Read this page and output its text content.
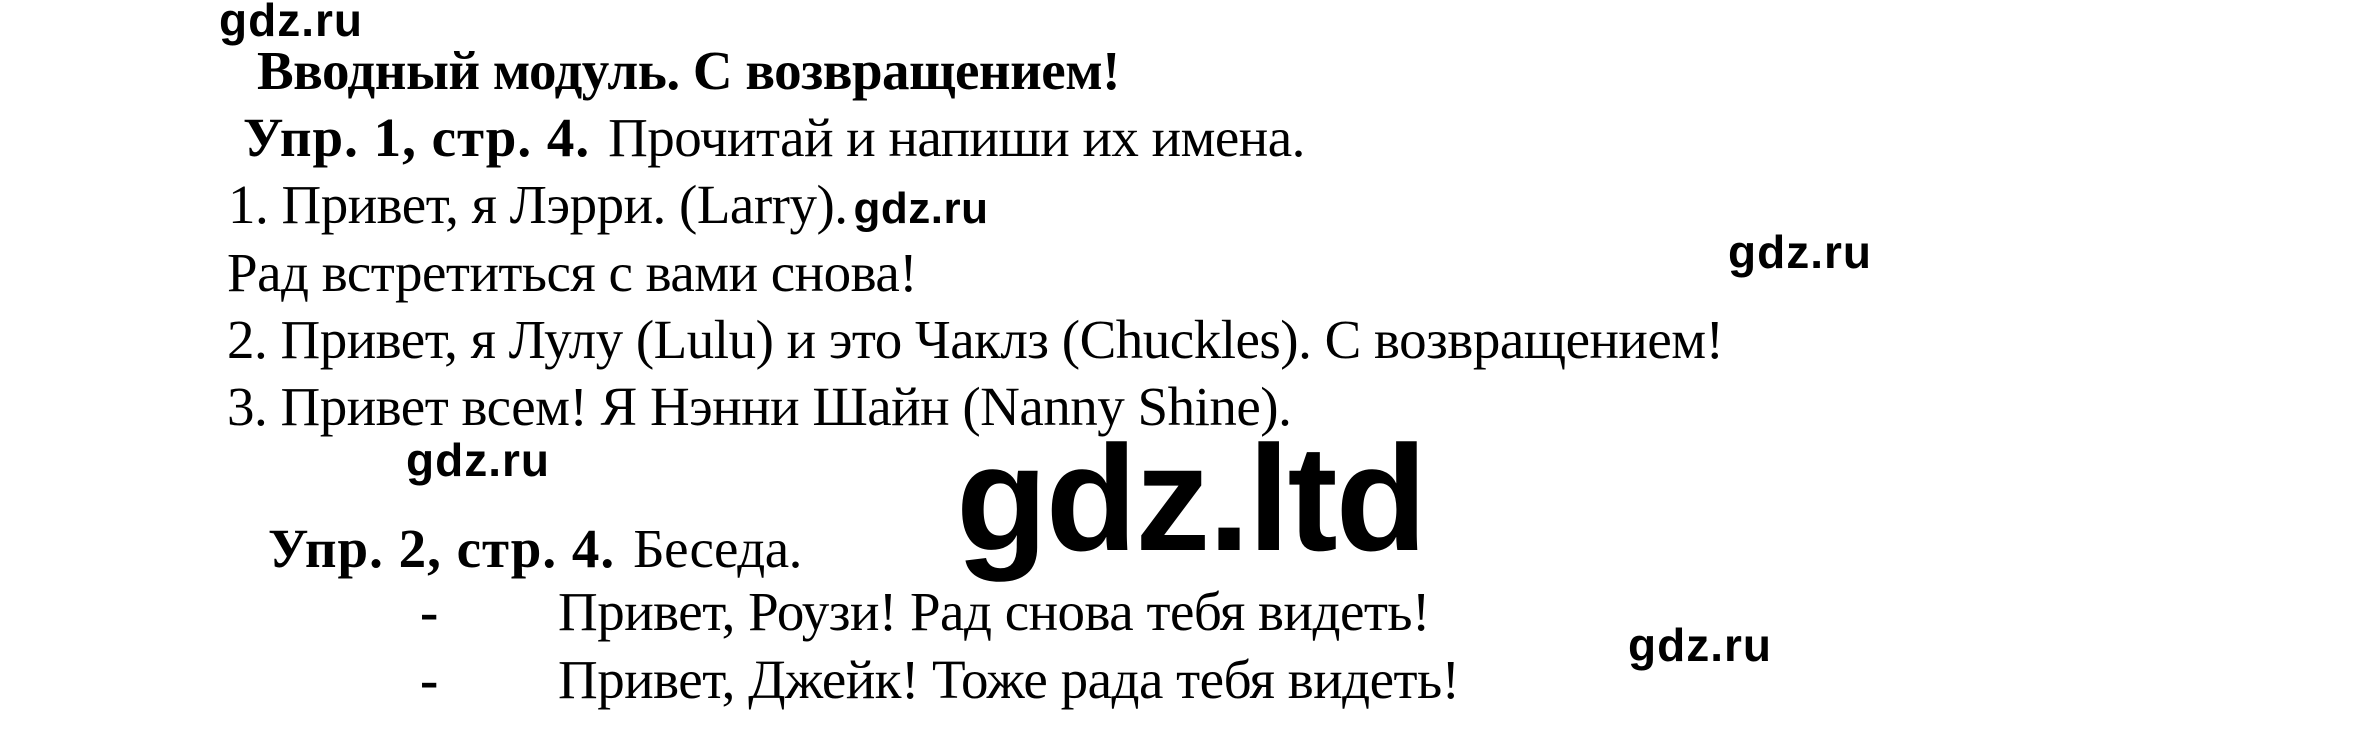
gdz.ru
Вводный модуль. С возвращением!
Упр. 1, стр. 4. Прочитай и напиши их имена.
1. Привет, я Лэрри. (Larry). gdz.ru
Рад встретиться с вами снова!
2. Привет, я Лулу (Lulu) и это Чаклз (Chuckles). С возвращением!
3. Привет всем! Я Нэнни Шайн (Nanny Shine).
gdz.ru	gdz.ltd
gdz.ru
gdz.ru
Упр. 2, стр. 4. Беседа.
- Привет, Роузи! Рад снова тебя видеть!
- Привет, Джейк! Тоже рада тебя видеть!
